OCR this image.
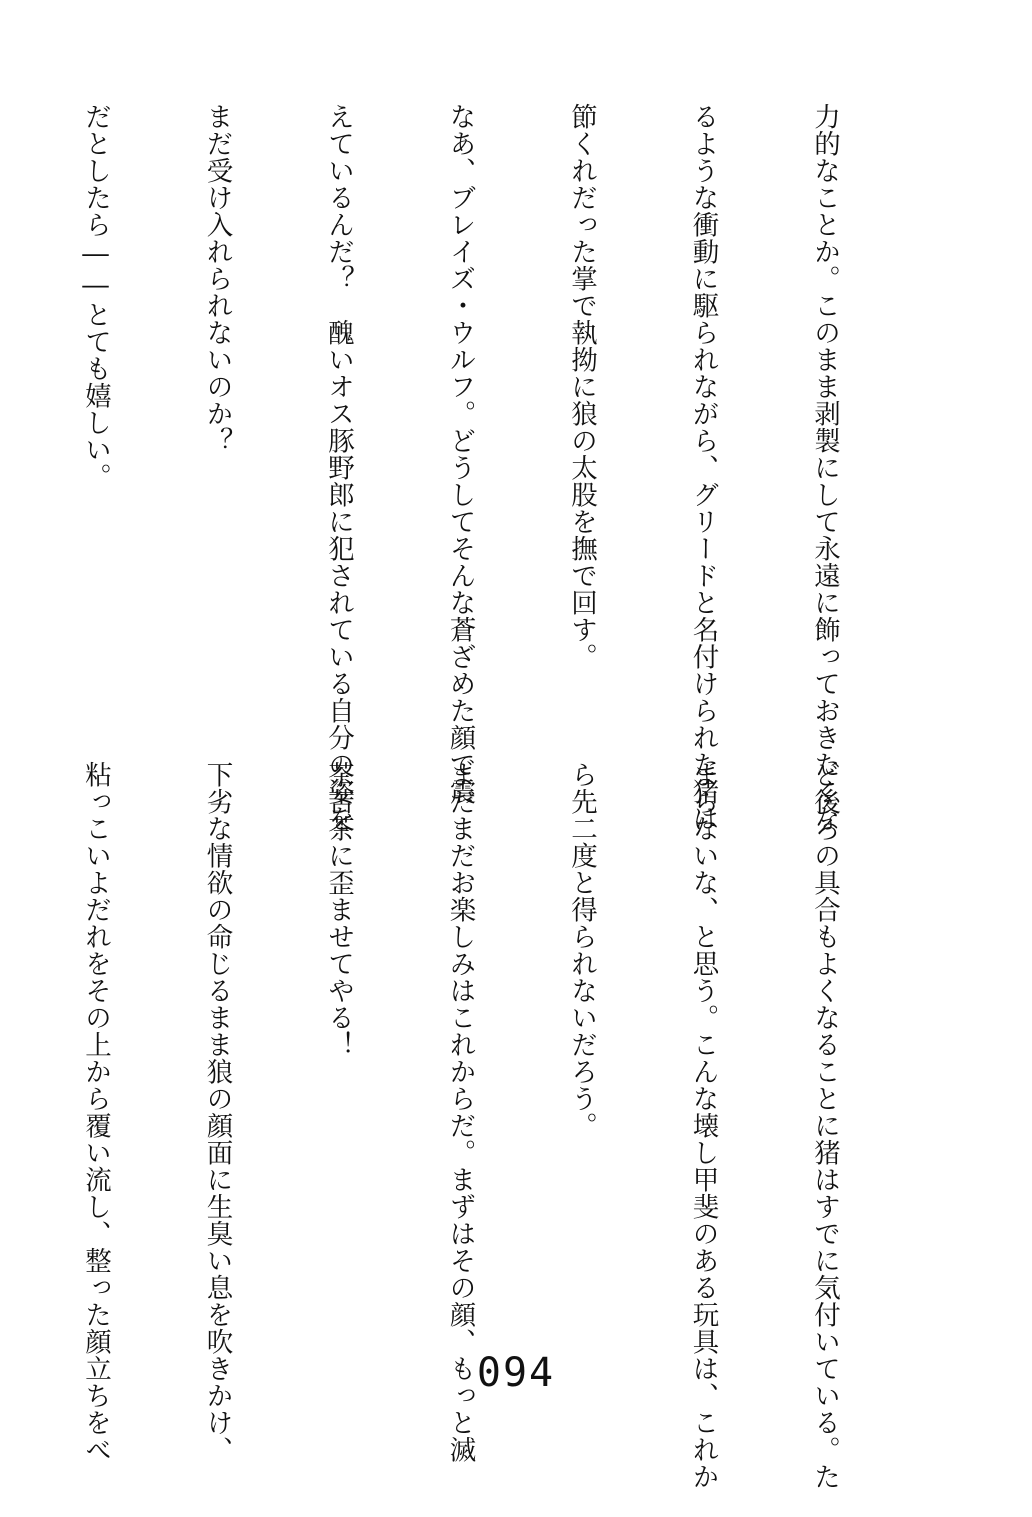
力的なことか。このまま剥製にして永遠に飾っておきたくな

るような衝動に駆られながら、グリードと名付けられた猪は

節くれだった掌で執拗に狼の太股を撫で回す。

なあ、ブレイズ・ウルフ。どうしてそんな蒼ざめた顔で震

えているんだ？　醜いオス豚野郎に犯されている自分の姿を

まだ受け入れられないのか？

だとしたら――とても嬉しい。

ど後ろの具合もよくなることに猪はすでに気付いている。た

まらないな、と思う。こんな壊し甲斐のある玩具は、これか

ら先二度と得られないだろう。

まだまだお楽しみはこれからだ。まずはその顔、もっと滅

茶苦茶に歪ませてやる！

下劣な情欲の命じるまま狼の顔面に生臭い息を吹きかけ、

粘っこいよだれをその上から覆い流し、整った顔立ちをべ

	094
